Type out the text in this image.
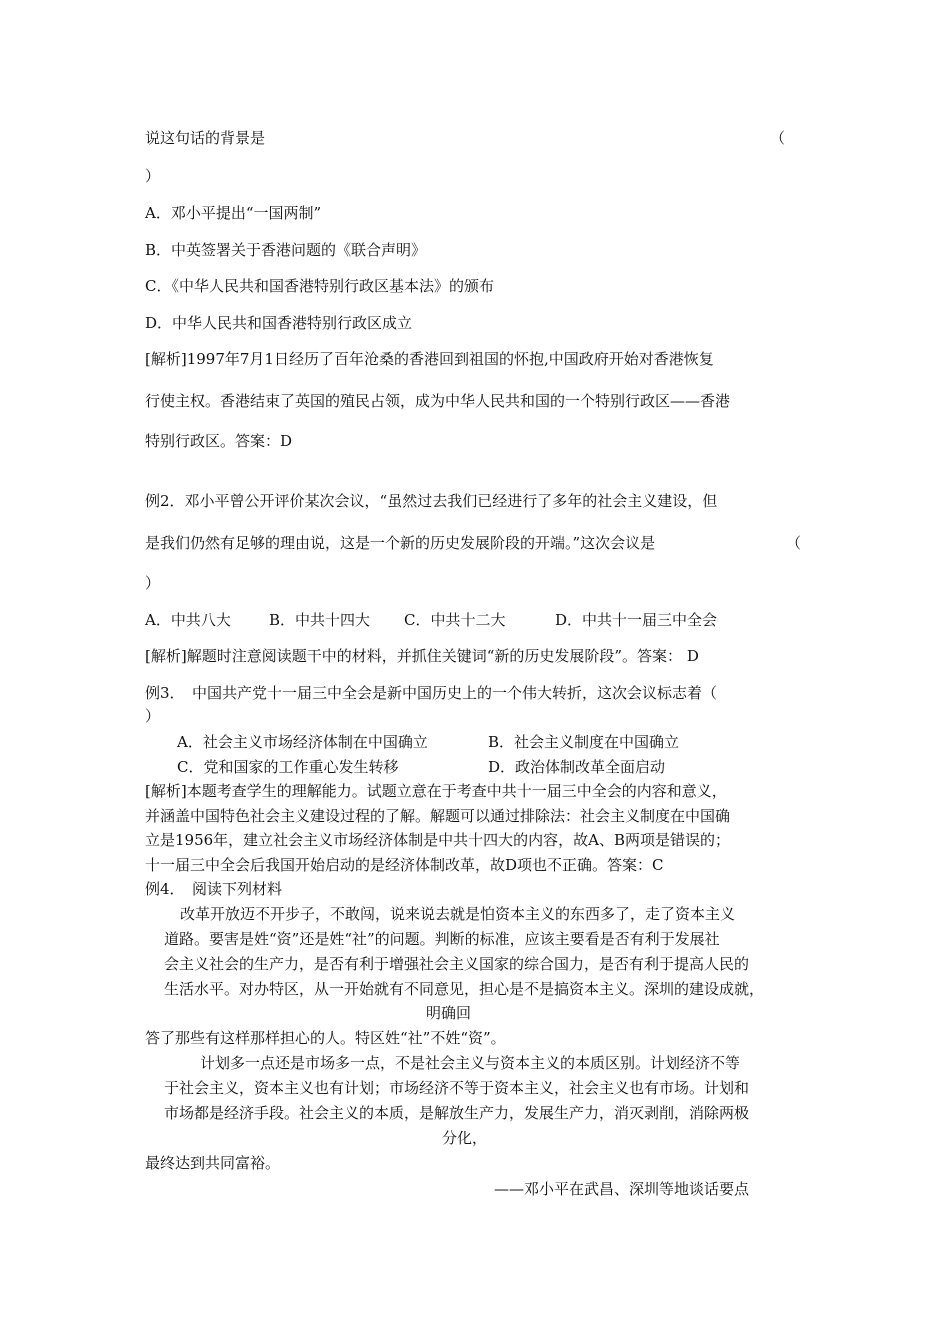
说这句话的背景是	（
）
A．邓小平提出“一国两制”
B．中英签署关于香港问题的《联合声明》
C．《中华人民共和国香港特别行政区基本法》的颁布
D．中华人民共和国香港特别行政区成立
[解析]1997年7月1日经历了百年沧桑的香港回到祖国的怀抱,中国政府开始对香港恢复
行使主权。香港结束了英国的殖民占领，成为中华人民共和国的一个特别行政区——香港
特别行政区。答案：D
例2．邓小平曾公开评价某次会议，“虽然过去我们已经进行了多年的社会主义建设，但
是我们仍然有足够的理由说，这是一个新的历史发展阶段的开端。”这次会议是	（
）
A．中共八大	B．中共十四大 C．中共十二大	D．中共十一届三中全会
[解析]解题时注意阅读题干中的材料，并抓住关键词“新的历史发展阶段”。答案： D
例3．　中国共产党十一届三中全会是新中国历史上的一个伟大转折，这次会议标志着（
）
A．社会主义市场经济体制在中国确立	B．社会主义制度在中国确立
C．党和国家的工作重心发生转移	D．政治体制改革全面启动
[解析]本题考查学生的理解能力。试题立意在于考查中共十一届三中全会的内容和意义，
并涵盖中国特色社会主义建设过程的了解。解题可以通过排除法：社会主义制度在中国确
立是1956年，建立社会主义市场经济体制是中共十四大的内容，故A、B两项是错误的；
十一届三中全会后我国开始启动的是经济体制改革，故D项也不正确。答案：C
例4．　阅读下列材料
改革开放迈不开步子，不敢闯，说来说去就是怕资本主义的东西多了，走了资本主义
道路。要害是姓“资”还是姓“社”的问题。判断的标准，应该主要看是否有利于发展社
会主义社会的生产力，是否有利于增强社会主义国家的综合国力，是否有利于提高人民的
生活水平。对办特区，从一开始就有不同意见，担心是不是搞资本主义。深圳的建设成就，
明确回
答了那些有这样那样担心的人。特区姓“社”不姓“资”。
计划多一点还是市场多一点，不是社会主义与资本主义的本质区别。计划经济不等
于社会主义，资本主义也有计划；市场经济不等于资本主义，社会主义也有市场。计划和
市场都是经济手段。社会主义的本质，是解放生产力，发展生产力，消灭剥削，消除两极
分化，
最终达到共同富裕。
——邓小平在武昌、深圳等地谈话要点
